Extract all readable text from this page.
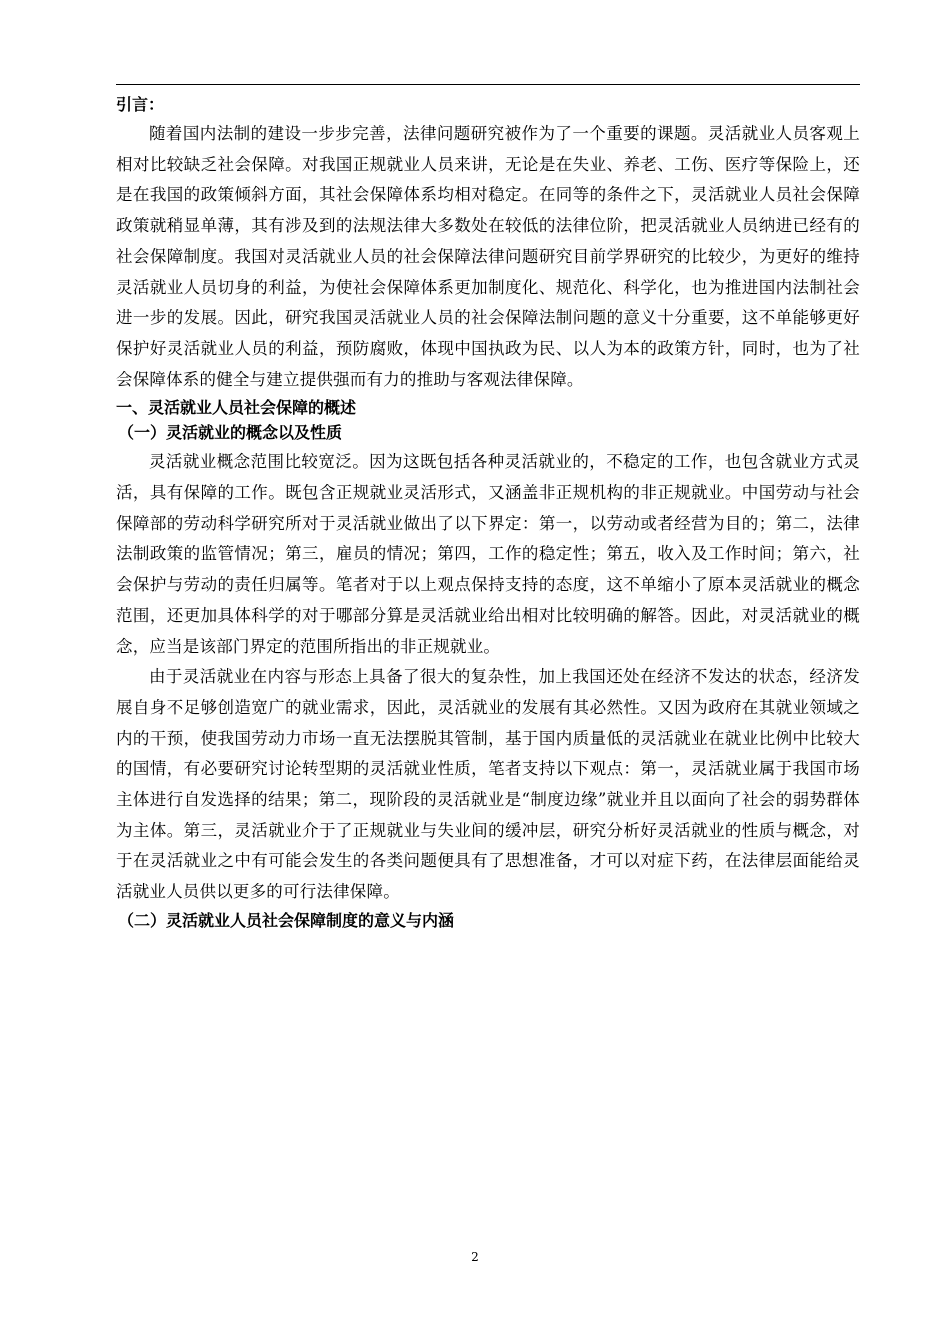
引言：

随着国内法制的建设一步步完善，法律问题研究被作为了一个重要的课题。灵活就业人员客观上相对比较缺乏社会保障。对我国正规就业人员来讲，无论是在失业、养老、工伤、医疗等保险上，还是在我国的政策倾斜方面，其社会保障体系均相对稳定。在同等的条件之下，灵活就业人员社会保障政策就稍显单薄，其有涉及到的法规法律大多数处在较低的法律位阶，把灵活就业人员纳进已经有的社会保障制度。我国对灵活就业人员的社会保障法律问题研究目前学界研究的比较少，为更好的维持灵活就业人员切身的利益，为使社会保障体系更加制度化、规范化、科学化，也为推进国内法制社会进一步的发展。因此，研究我国灵活就业人员的社会保障法制问题的意义十分重要，这不单能够更好保护好灵活就业人员的利益，预防腐败，体现中国执政为民、以人为本的政策方针，同时，也为了社会保障体系的健全与建立提供强而有力的推助与客观法律保障。

一、灵活就业人员社会保障的概述
（一）灵活就业的概念以及性质

灵活就业概念范围比较宽泛。因为这既包括各种灵活就业的，不稳定的工作，也包含就业方式灵活，具有保障的工作。既包含正规就业灵活形式，又涵盖非正规机构的非正规就业。中国劳动与社会保障部的劳动科学研究所对于灵活就业做出了以下界定：第一，以劳动或者经营为目的；第二，法律法制政策的监管情况；第三，雇员的情况；第四，工作的稳定性；第五，收入及工作时间；第六，社会保护与劳动的责任归属等。笔者对于以上观点保持支持的态度，这不单缩小了原本灵活就业的概念范围，还更加具体科学的对于哪部分算是灵活就业给出相对比较明确的解答。因此，对灵活就业的概念，应当是该部门界定的范围所指出的非正规就业。

由于灵活就业在内容与形态上具备了很大的复杂性，加上我国还处在经济不发达的状态，经济发展自身不足够创造宽广的就业需求，因此，灵活就业的发展有其必然性。又因为政府在其就业领域之内的干预，使我国劳动力市场一直无法摆脱其管制，基于国内质量低的灵活就业在就业比例中比较大的国情，有必要研究讨论转型期的灵活就业性质，笔者支持以下观点：第一，灵活就业属于我国市场主体进行自发选择的结果；第二，现阶段的灵活就业是“制度边缘”就业并且以面向了社会的弱势群体为主体。第三，灵活就业介于了正规就业与失业间的缓冲层，研究分析好灵活就业的性质与概念，对于在灵活就业之中有可能会发生的各类问题便具有了思想准备，才可以对症下药，在法律层面能给灵活就业人员供以更多的可行法律保障。

（二）灵活就业人员社会保障制度的意义与内涵
2
